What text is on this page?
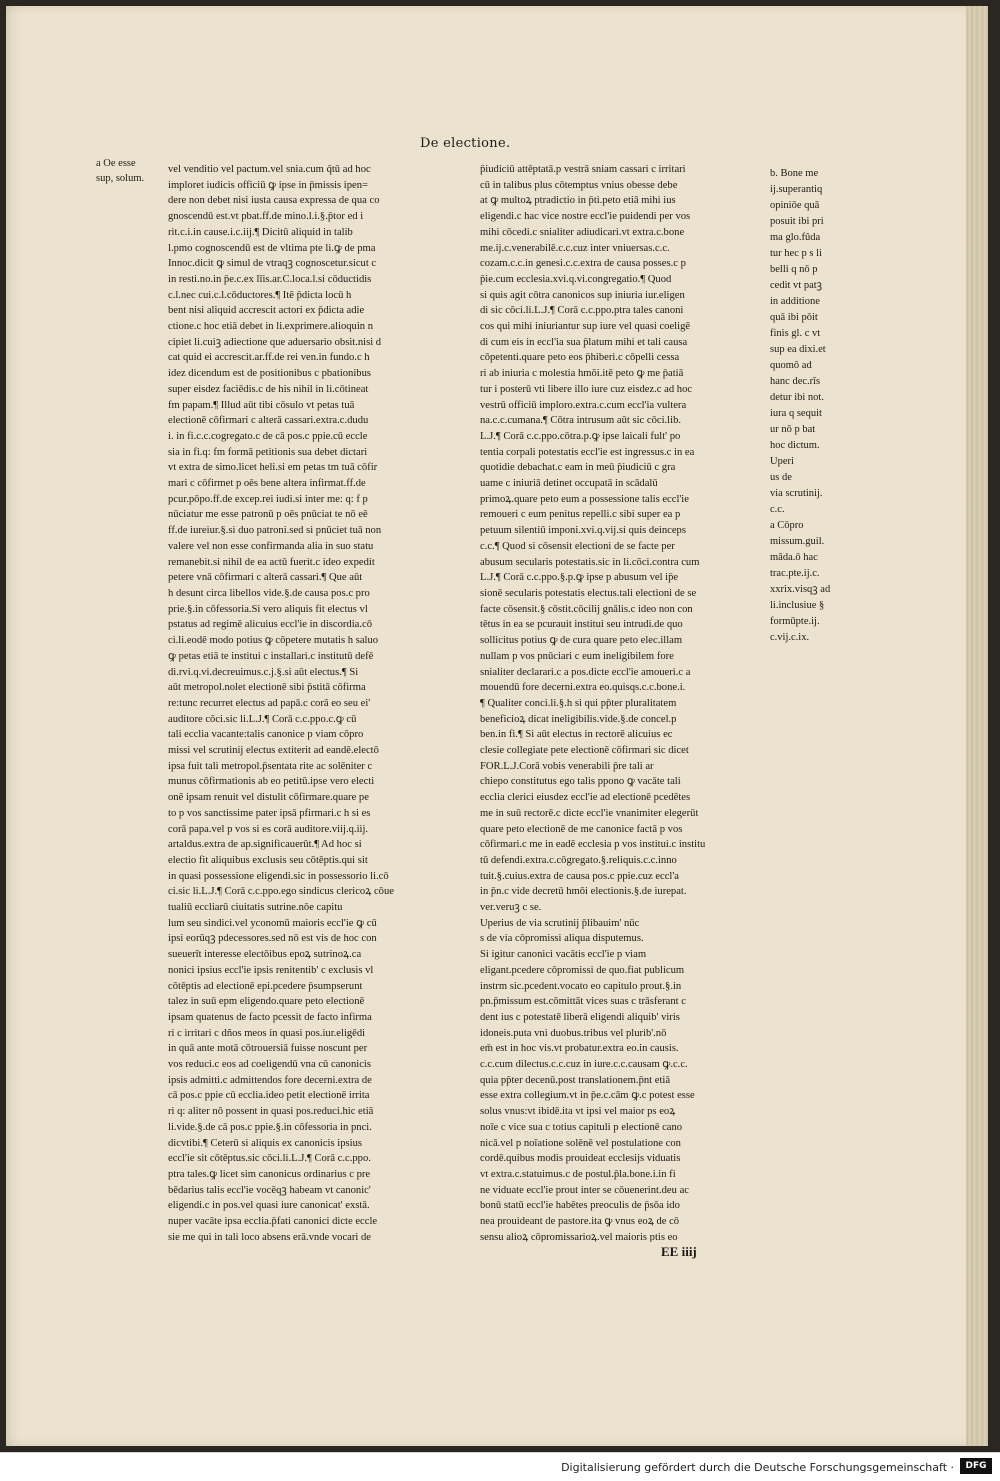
De electione.
a Oe esse
sup, solum.
vel venditio vel pactum.vel snia.cum q̄tū ad hoc
imploret iudicis officiū ꝙ ipse in p̄missis ipen=
dere non debet nisi iusta causa expressa de qua co
gnoscendū est.vt pbat.ff.de mino.l.i.§.p̄tor ed i
rit.c.i.in cause.i.c.iij.¶ Dicitū aliquid in talib᷑
l.pmo cognoscendū est de vltima pte li.ꝙ de pma
Innoc.dicit ꝙ simul de vtraqꝫ cognoscetur.sicut c
in resti.no.in p̄e.c.ex līis.ar.C.loca.l.si cōductidis
c.l.nec cui.c.l.cōductores.¶ Itē p̄dicta locū h
bent nisi aliquid accrescit actori ex p̄dicta adie
ctione.c hoc etiā debet in li.exprimere.alioquin n
cipiet li.cuiꝫ adiectione que aduersario obsit.nisi d
cat quid ei accrescit.ar.ff.de rei ven.in fundo.c h
idez dicendum est de positionibus c pbationibus
super eisdez faciēdis.c de his nihil in li.cōtineat
fm papam.¶ Illud aūt tibi cōsulo vt petas tuā
electionē cōfirmari c alterā cassari.extra.c.dudu
i. in fi.c.c.cogregato.c de cā pos.c ppie.cū eccle
sia in fi.q: fm formā petitionis sua debet dictari
vt extra de simo.licet heli.si em petas tm tuā cōfir
mari c cōfirmet p oēs bene altera infirmat.ff.de
pcur.pōpo.ff.de excep.rei iudi.si inter me: q: f p
nūciatur me esse patronū p oēs pnūciat te nō eē
ff.de iureiur.§.si duo patroni.sed si pnūciet tuā non
valere vel non esse confirmanda alia in suo statu
remanebit.si nihil de ea actū fuerit.c ideo expedit
petere vnā cōfirmari c alterā cassari.¶ Que aūt
h desunt circa libellos vide.§.de causa pos.c pro
prie.§.in cōfessoria.Si vero aliquis fit electus vl
pstatus ad regimē alicuius eccl'ie in discordia.cō
ci.li.eodē modo potius ꝙ cōpetere mutatis h saluo
ꝙ petas etiā te institui c installari.c institutū defē
di.rvi.q.vi.decreuimus.c.j.§.si aūt electus.¶ Si
aūt metropol.nolet electionē sibi p̄stitā cōfirma
re:tunc recurret electus ad papā.c corā eo seu ei'
auditore cōci.sic li.L.J.¶ Corā c.c.ppo.c.ꝙ cū
tali ecclia vacante:talis canonice p viam cōpro
missi vel scrutinij electus extiterit ad eandē.electō
ipsa fuit tali metropol.p̄sentata rite ac solēniter c
munus cōfirmationis ab eo petitū.ipse vero electi
onē ipsam renuit vel distulit cōfirmare.quare pe
to p vos sanctissime pater ipsā pfirmari.c h si es
corā papa.vel p vos si es corā auditore.viij.q.iij.
artaldus.extra de ap.significauerūt.¶ Ad hoc si
electio fit aliquibus exclusis seu cōtēptis.qui sit
in quasi possessione eligendi.sic in possessorio li.cō
ci.sic li.L.J.¶ Corā c.c.ppo.ego sindicus clericoꝝ cōue
tualiū eccliarū ciuitatis sutrine.nōe capitu
lum seu sindici.vel yconomū maioris eccl'ie ꝙ cū
ipsi eorūqꝫ pdecessores.sed nō est vis de hoc con
sueuerīt interesse electōibus epoꝝ sutrinoꝝ.ca
nonici ipsius eccl'ie ipsis renitentib' c exclusis vl
cōtēptis ad electionē epi.pcedere p̄sumpserunt
talez in suū epm eligendo.quare peto electionē
ipsam quatenus de facto pcessit de facto infirma
ri c irritari c dños meos in quasi pos.iur.eligēdi
in quā ante motā cōtrouersiā fuisse noscunt per
vos reduci.c eos ad coeligendū vna cū canonicis
ipsis admitti.c admittendos fore decerni.extra de
cā pos.c ppie cū ecclia.ideo petit electionē irrita
ri q: aliter nō possent in quasi pos.reduci.hic etiā
li.vide.§.de cā pos.c ppie.§.in cōfessoria in pnci.
dicvtibi.¶ Ceterū si aliquis ex canonicis ipsius
eccl'ie sit cōtēptus.sic cōci.li.L.J.¶ Corā c.c.ppo.
ptra tales.ꝙ licet sim canonicus ordinarius c pre
bēdarius talis eccl'ie vocēqꝫ habeam vt canonic'
eligendi.c in pos.vel quasi iure canonicat' exstā.
nuper vacāte ipsa ecclia.p̄fati canonici dicte eccle
sie me qui in tali loco absens erā.vnde vocari de
p̄iudiciū attēptatā.p vestrā sniam cassari c irritari
cū in talibus plus cōtemptus vnius obesse debe
at ꝙ multoꝝ ptradictio in p̄ti.peto etiā mihi ius
eligendi.c hac vice nostre eccl'ie puidendi per vos
mihi cōcedi.c snialiter adiudicari.vt extra.c.bone
me.ij.c.venerabilē.c.c.cuz inter vniuersas.c.c.
cozam.c.c.in genesi.c.c.extra de causa posses.c p
p̄ie.cum ecclesia.xvi.q.vi.congregatio.¶ Quod
si quis agit cōtra canonicos sup iniuria iur.eligen
di sic cōci.li.L.J.¶ Corā c.c.ppo.ptra tales canoni
cos qui mihi iniuriantur sup iure vel quasi coeligē
di cum eis in eccl'ia sua p̄latum mihi et tali causa
cōpetenti.quare peto eos p̄hiberi.c cōpelli cessa
ri ab iniuria c molestia hmōi.itē peto ꝙ me p̄atiā
tur i posterū vti libere illo iure cuz eisdez.c ad hoc
vestrū officiū imploro.extra.c.cum eccl'ia vultera
na.c.c.cumana.¶ Cōtra intrusum aūt sic cōci.lib.
L.J.¶ Corā c.c.ppo.cōtra.p.ꝙ ipse laicali fult' po
tentia corpali potestatis eccl'ie est ingressus.c in ea
quotidie debachat.c eam in meū p̄iudiciū c gra
uame c iniuriā detinet occupatā in scādalū
primoꝝ.quare peto eum a possessione talis eccl'ie
remoueri c eum penitus repelli.c sibi super ea p
petuum silentiū imponi.xvi.q.vij.si quis deinceps
c.c.¶ Quod si cōsensit electioni de se facte per
abusum secularis potestatis.sic in li.cōci.contra cum
L.J.¶ Corā c.c.ppo.§.p.ꝙ ipse p abusum vel ip̄e
sionē secularis potestatis electus.tali electioni de se
facte cōsensit.§ cōstit.cōcilij gnālis.c ideo non con
tētus in ea se pcurauit institui seu intrudi.de quo
sollicitus potius ꝙ de cura quare peto elec.illam
nullam p vos pnūciari c eum ineligibilem fore
snialiter declarari.c a pos.dicte eccl'ie amoueri.c a
mouendū fore decerni.extra eo.quisqs.c.c.bone.i.
¶ Qualiter conci.li.§.h si qui pp̄ter pluralitatem
beneficioꝝ dicat ineligibilis.vide.§.de concel.p
ben.in fi.¶ Si aūt electus in rectorē alicuius ec
clesie collegiate pete electionē cōfirmari sic dicet
FOR.L.J.Corā vobis venerabili p̄re tali ar
chiepo constitutus ego talis ppono ꝙ vacāte tali
ecclia clerici eiusdez eccl'ie ad electionē pcedētes
me in suū rectorē.c dicte eccl'ie vnanimiter elegerūt
quare peto electionē de me canonice factā p vos
cōfirmari.c me in eadē ecclesia p vos institui.c institu
tū defendi.extra.c.cōgregato.§.reliquis.c.c.inno
tuit.§.cuius.extra de causa pos.c ppie.cuz eccl'a
in p̄n.c vide decretū hmōi electionis.§.de iurepat.
ver.veruꝫ c se.
Uperius de via scrutinij p̄libauim' nūc
s de via cōpromissi aliqua disputemus.
Si igitur canonici vacātis eccl'ie p viam
eligant.pcedere cōpromissi de quo.fiat publicum
instrm sic.pcedent.vocato eo capitulo prout.§.in
pn.p̄missum est.cōmittāt vices suas c trāsferant c
dent ius c potestatē liberā eligendi aliquib' viris
idoneis.puta vni duobus.tribus vel plurib'.nō
em̄ est in hoc vis.vt probatur.extra eo.in causis.
c.c.cum dilectus.c.c.cuz in iure.c.c.causam ꝙ.c.c.
quia pp̄ter decenū.post translationem.p̄nt etiā
esse extra collegium.vt in p̄e.c.cām ꝙ.c potest esse
solus vnus:vt ibidē.ita vt ipsi vel maior ps eoꝝ
noīe c vice sua c totius capituli p electionē cano
nicā.vel p noīatione solēnē vel postulatione con
cordē.quibus modis prouideat ecclesijs viduatis
vt extra.c.statuimus.c de postul.p̄la.bone.i.in fi
ne viduate eccl'ie prout inter se cōuenerint.deu ac
bonū statū eccl'ie habētes preoculis de p̄sōa ido
nea prouideant de pastore.ita ꝙ vnus eoꝝ de cō
sensu alioꝝ cōpromissarioꝝ.vel maioris ptis eo
b. Bone me
ij.superantiq
opiniōe quā
posuit ibi pri
ma glo.fūda
tur hec p s li
belli q nō p
cedit vt patꝫ
in additione
quā ibi pōit
finis gl. c vt
sup ea dixi.et
quomō ad
hanc dec.rīs
detur ibi not.
iura q sequit
ur nō p bat
hoc dictum.
Uperi
us de
via scrutinij.
c.c.
a Cōpro
missum.guil.
māda.ō hac
trac.pte.ij.c.
xxrix.visqꝫ ad
li.inclusiue §
formūpte.ij.
c.vij.c.ix.
EE iiij
Digitalisierung gefördert durch die Deutsche Forschungsgemeinschaft ·	DFG
